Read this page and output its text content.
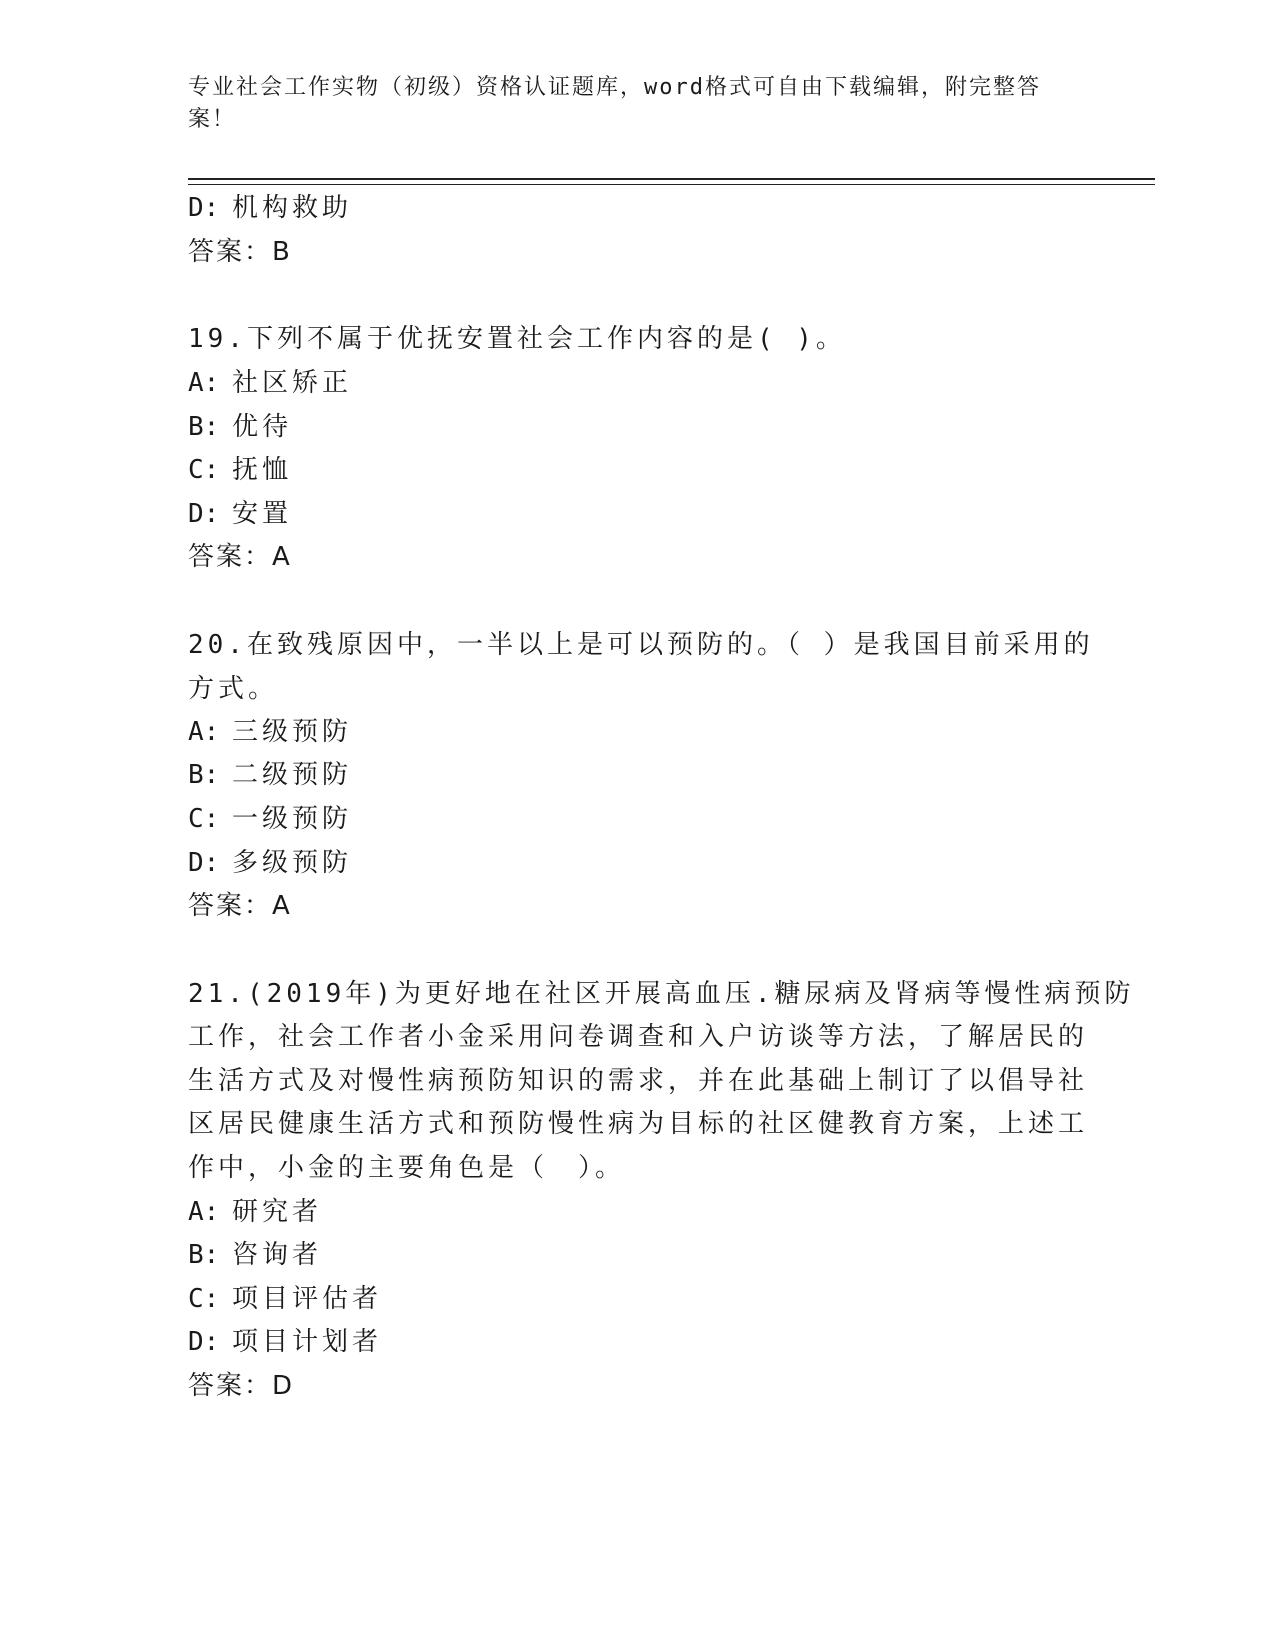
专业社会工作实物（初级）资格认证题库，word格式可自由下载编辑，附完整答案！
D: 机构救助
答案：B
19.下列不属于优抚安置社会工作内容的是( )。
A: 社区矫正
B: 优待
C: 抚恤
D: 安置
答案：A
20.在致残原因中，一半以上是可以预防的。（ ）是我国目前采用的
方式。
A: 三级预防
B: 二级预防
C: 一级预防
D: 多级预防
答案：A
21.(2019年)为更好地在社区开展高血压.糖尿病及肾病等慢性病预防
工作，社会工作者小金采用问卷调查和入户访谈等方法，了解居民的
生活方式及对慢性病预防知识的需求，并在此基础上制订了以倡导社
区居民健康生活方式和预防慢性病为目标的社区健教育方案，上述工
作中，小金的主要角色是（　）。
A: 研究者
B: 咨询者
C: 项目评估者
D: 项目计划者
答案：D
